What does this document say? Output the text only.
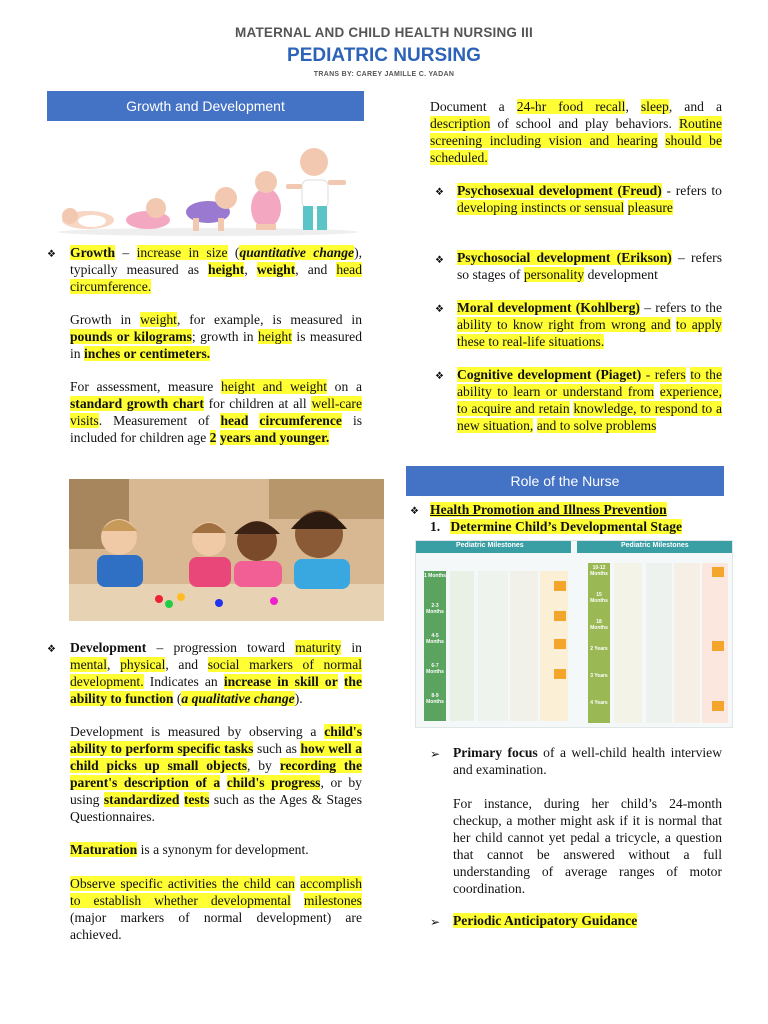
MATERNAL AND CHILD HEALTH NURSING III
PEDIATRIC NURSING
TRANS BY: CAREY JAMILLE C. YADAN
Growth and Development
❖ Growth – increase in size (quantitative change), typically measured as height, weight, and head circumference.
Growth in weight, for example, is measured in pounds or kilograms; growth in height is measured in inches or centimeters.
For assessment, measure height and weight on a standard growth chart for children at all well-care visits. Measurement of head circumference is included for children age 2 years and younger.
❖ Development – progression toward maturity in mental, physical, and social markers of normal development. Indicates an increase in skill or the ability to function (a qualitative change).
Development is measured by observing a child's ability to perform specific tasks such as how well a child picks up small objects, by recording the parent's description of a child's progress, or by using standardized tests such as the Ages & Stages Questionnaires.
Maturation is a synonym for development.
Observe specific activities the child can accomplish to establish whether developmental milestones (major markers of normal development) are achieved.
Document a 24-hr food recall, sleep, and a description of school and play behaviors. Routine screening including vision and hearing should be scheduled.
❖ Psychosexual development (Freud) - refers to developing instincts or sensual pleasure
❖ Psychosocial development (Erikson) – refers so stages of personality development
❖ Moral development (Kohlberg) – refers to the ability to know right from wrong and to apply these to real-life situations.
❖ Cognitive development (Piaget) - refers to the ability to learn or understand from experience, to acquire and retain knowledge, to respond to a new situation, and to solve problems
Role of the Nurse
❖ Health Promotion and Illness Prevention
1. Determine Child’s Developmental Stage
Pediatric Milestones	Pediatric Milestones
1 Months
2-3 Months
4-5 Months
6-7 Months
8-9 Months
10-12 Months
15 Months
18 Months
2 Years
3 Years
4 Years
➢ Primary focus of a well-child health interview and examination.
For instance, during her child’s 24-month checkup, a mother might ask if it is normal that her child cannot yet pedal a tricycle, a question that cannot be answered without a full understanding of average ranges of motor coordination.
➢ Periodic Anticipatory Guidance
